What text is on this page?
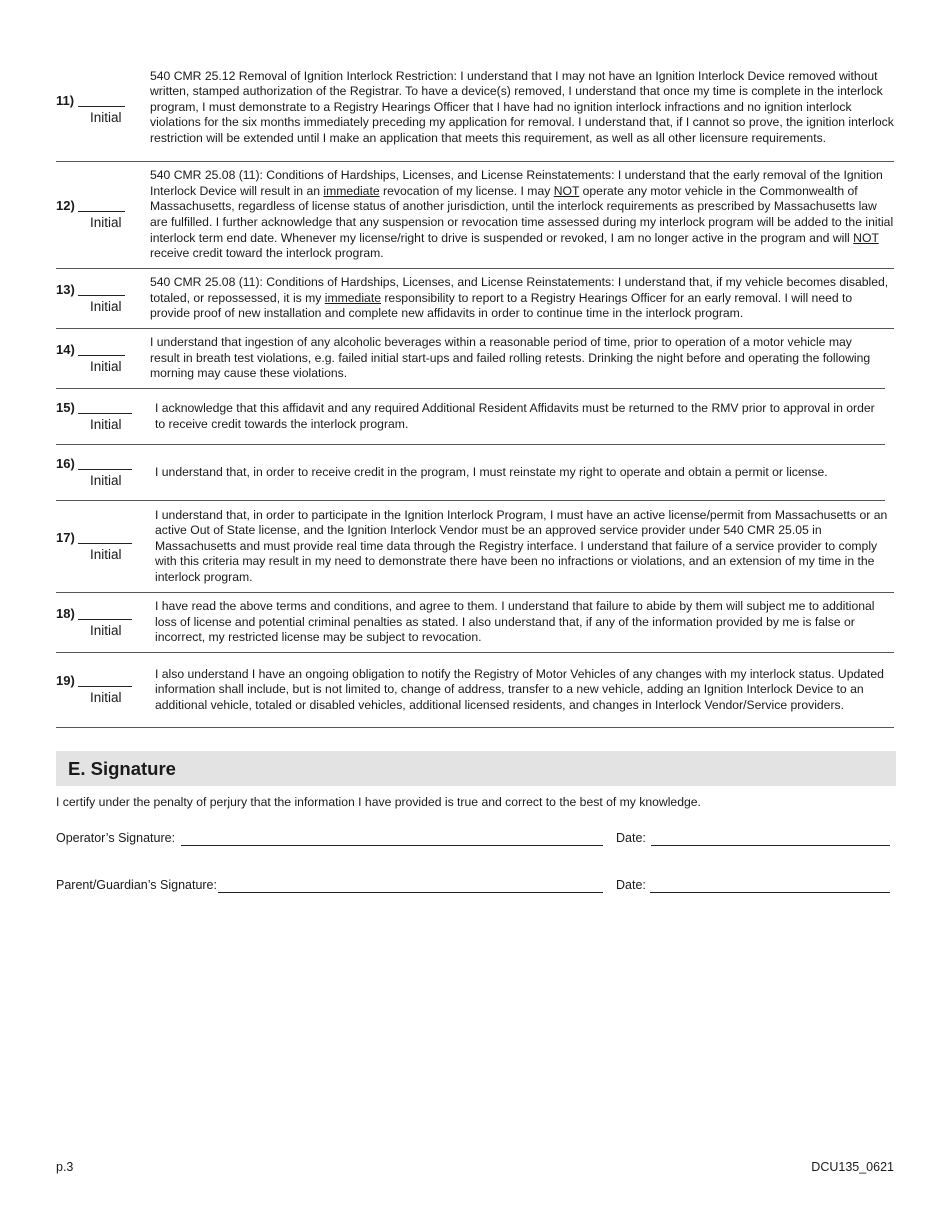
11)
Initial
540 CMR 25.12 Removal of Ignition Interlock Restriction: I understand that I may not have an Ignition Interlock Device removed without written, stamped authorization of the Registrar. To have a device(s) removed, I understand that once my time is complete in the interlock program, I must demonstrate to a Registry Hearings Officer that I have had no ignition interlock infractions and no ignition interlock violations for the six months immediately preceding my application for removal. I understand that, if I cannot so prove, the ignition interlock restriction will be extended until I make an application that meets this requirement, as well as all other licensure requirements.
12)
Initial
540 CMR 25.08 (11): Conditions of Hardships, Licenses, and License Reinstatements: I understand that the early removal of the Ignition Interlock Device will result in an immediate revocation of my license. I may NOT operate any motor vehicle in the Commonwealth of Massachusetts, regardless of license status of another jurisdiction, until the interlock requirements as prescribed by Massachusetts law are fulfilled. I further acknowledge that any suspension or revocation time assessed during my interlock program will be added to the initial interlock term end date. Whenever my license/right to drive is suspended or revoked, I am no longer active in the program and will NOT receive credit toward the interlock program.
13)
Initial
540 CMR 25.08 (11): Conditions of Hardships, Licenses, and License Reinstatements: I understand that, if my vehicle becomes disabled, totaled, or repossessed, it is my immediate responsibility to report to a Registry Hearings Officer for an early removal. I will need to provide proof of new installation and complete new affidavits in order to continue time in the interlock program.
14)
Initial
I understand that ingestion of any alcoholic beverages within a reasonable period of time, prior to operation of a motor vehicle may result in breath test violations, e.g. failed initial start-ups and failed rolling retests. Drinking the night before and operating the following morning may cause these violations.
15)
Initial
I acknowledge that this affidavit and any required Additional Resident Affidavits must be returned to the RMV prior to approval in order to receive credit towards the interlock program.
16)
Initial
I understand that, in order to receive credit in the program, I must reinstate my right to operate and obtain a permit or license.
17)
Initial
I understand that, in order to participate in the Ignition Interlock Program, I must have an active license/permit from Massachusetts or an active Out of State license, and the Ignition Interlock Vendor must be an approved service provider under 540 CMR 25.05 in Massachusetts and must provide real time data through the Registry interface. I understand that failure of a service provider to comply with this criteria may result in my need to demonstrate there have been no infractions or violations, and an extension of my time in the interlock program.
18)
Initial
I have read the above terms and conditions, and agree to them. I understand that failure to abide by them will subject me to additional loss of license and potential criminal penalties as stated. I also understand that, if any of the information provided by me is false or incorrect, my restricted license may be subject to revocation.
19)
Initial
I also understand I have an ongoing obligation to notify the Registry of Motor Vehicles of any changes with my interlock status. Updated information shall include, but is not limited to, change of address, transfer to a new vehicle, adding an Ignition Interlock Device to an additional vehicle, totaled or disabled vehicles, additional licensed residents, and changes in Interlock Vendor/Service providers.
E. Signature
I certify under the penalty of perjury that the information I have provided is true and correct to the best of my knowledge.
Operator’s Signature:	Date:
Parent/Guardian’s Signature:	Date:
p.3	DCU135_0621
